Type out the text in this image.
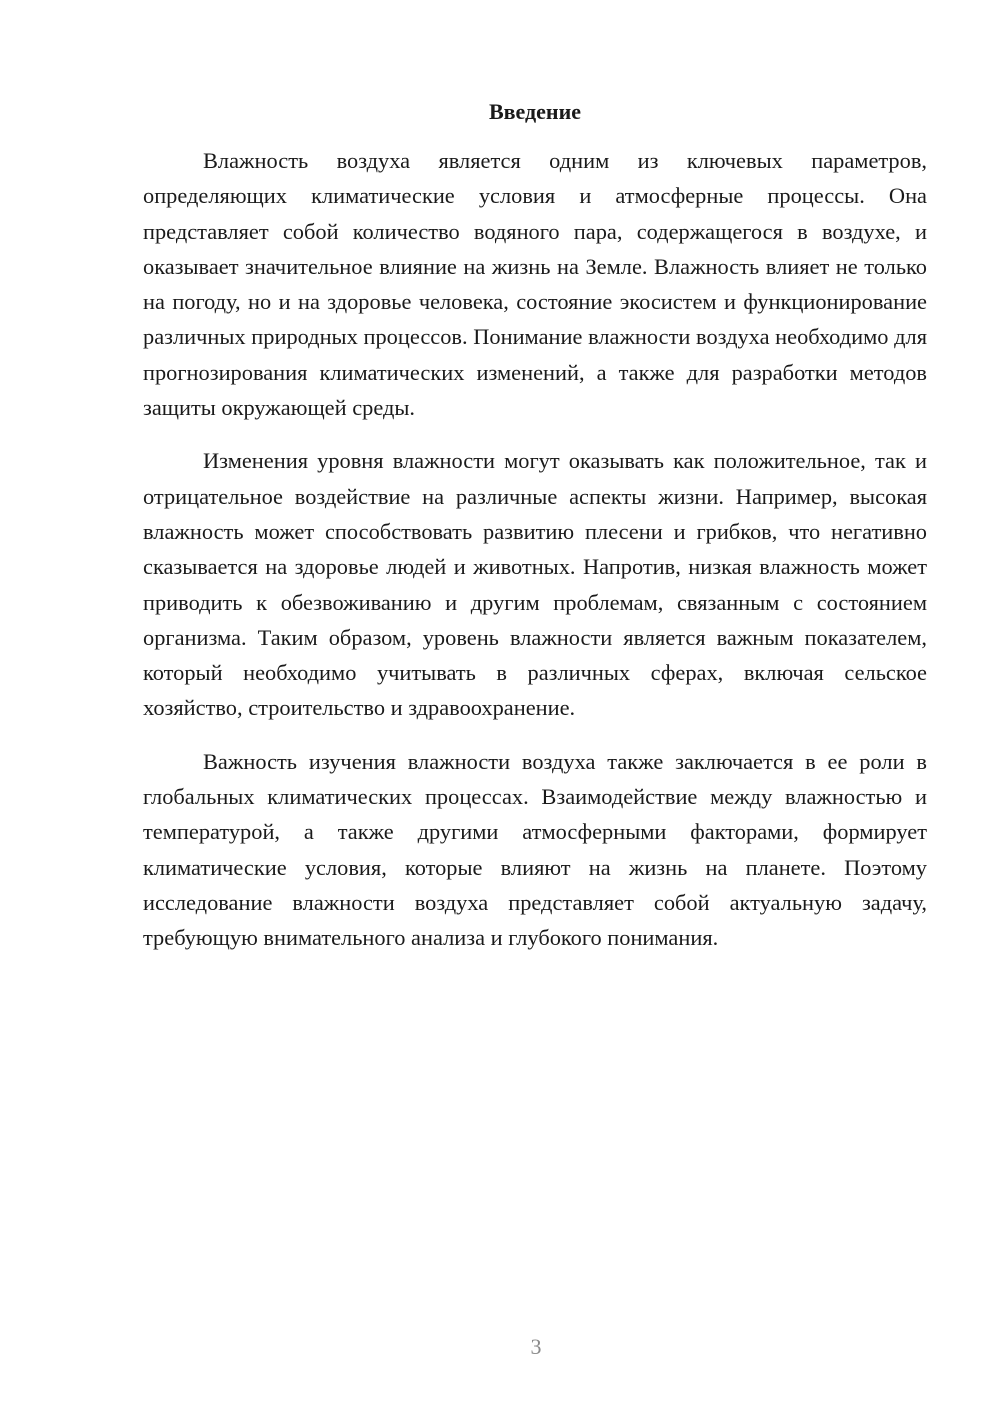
Введение

Влажность воздуха является одним из ключевых параметров, определяющих климатические условия и атмосферные процессы. Она представляет собой количество водяного пара, содержащегося в воздухе, и оказывает значительное влияние на жизнь на Земле. Влажность влияет не только на погоду, но и на здоровье человека, состояние экосистем и функционирование различных природных процессов. Понимание влажности воздуха необходимо для прогнозирования климатических изменений, а также для разработки методов защиты окружающей среды.

Изменения уровня влажности могут оказывать как положительное, так и отрицательное воздействие на различные аспекты жизни. Например, высокая влажность может способствовать развитию плесени и грибков, что негативно сказывается на здоровье людей и животных. Напротив, низкая влажность может приводить к обезвоживанию и другим проблемам, связанным с состоянием организма. Таким образом, уровень влажности является важным показателем, который необходимо учитывать в различных сферах, включая сельское хозяйство, строительство и здравоохранение.

Важность изучения влажности воздуха также заключается в ее роли в глобальных климатических процессах. Взаимодействие между влажностью и температурой, а также другими атмосферными факторами, формирует климатические условия, которые влияют на жизнь на планете. Поэтому исследование влажности воздуха представляет собой актуальную задачу, требующую внимательного анализа и глубокого понимания.

3
